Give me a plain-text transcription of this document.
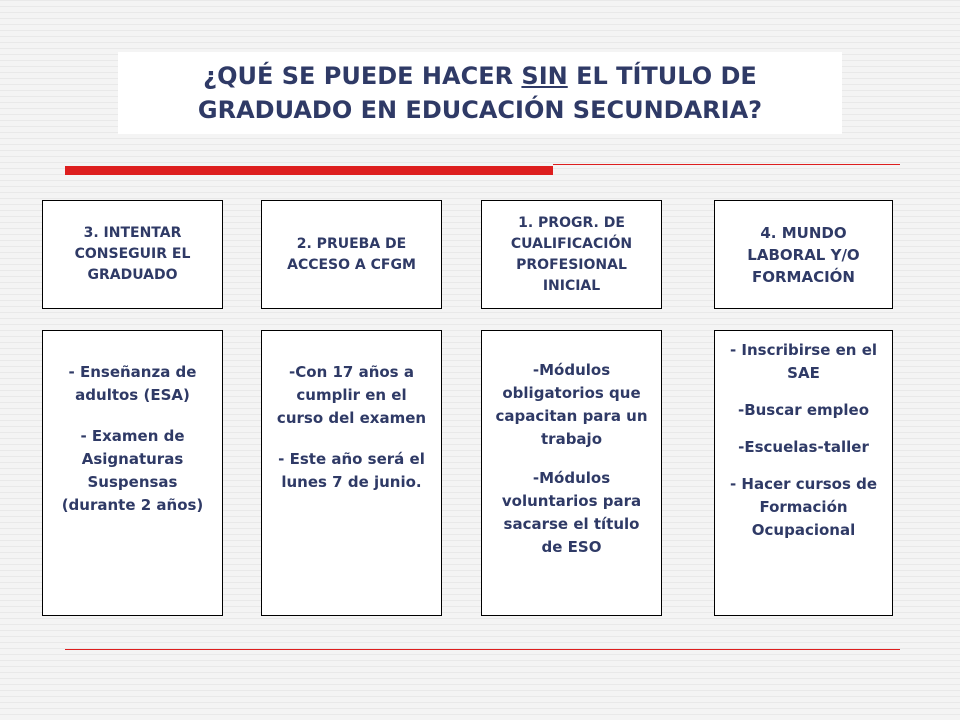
¿QUÉ SE PUEDE HACER SIN EL TÍTULO DE
GRADUADO EN EDUCACIÓN SECUNDARIA?
3. INTENTAR CONSEGUIR EL GRADUADO

- Enseñanza de adultos (ESA)

- Examen de Asignaturas Suspensas (durante 2 años)

2. PRUEBA DE ACCESO A CFGM

-Con 17 años a cumplir en el curso del examen

- Este año será el lunes 7 de junio.

1. PROGR. DE CUALIFICACIÓN PROFESIONAL INICIAL

-Módulos obligatorios que capacitan para un trabajo

-Módulos voluntarios para sacarse el título de ESO

4. MUNDO LABORAL Y/O FORMACIÓN

- Inscribirse en el SAE

-Buscar empleo

-Escuelas-taller

- Hacer cursos de Formación Ocupacional
